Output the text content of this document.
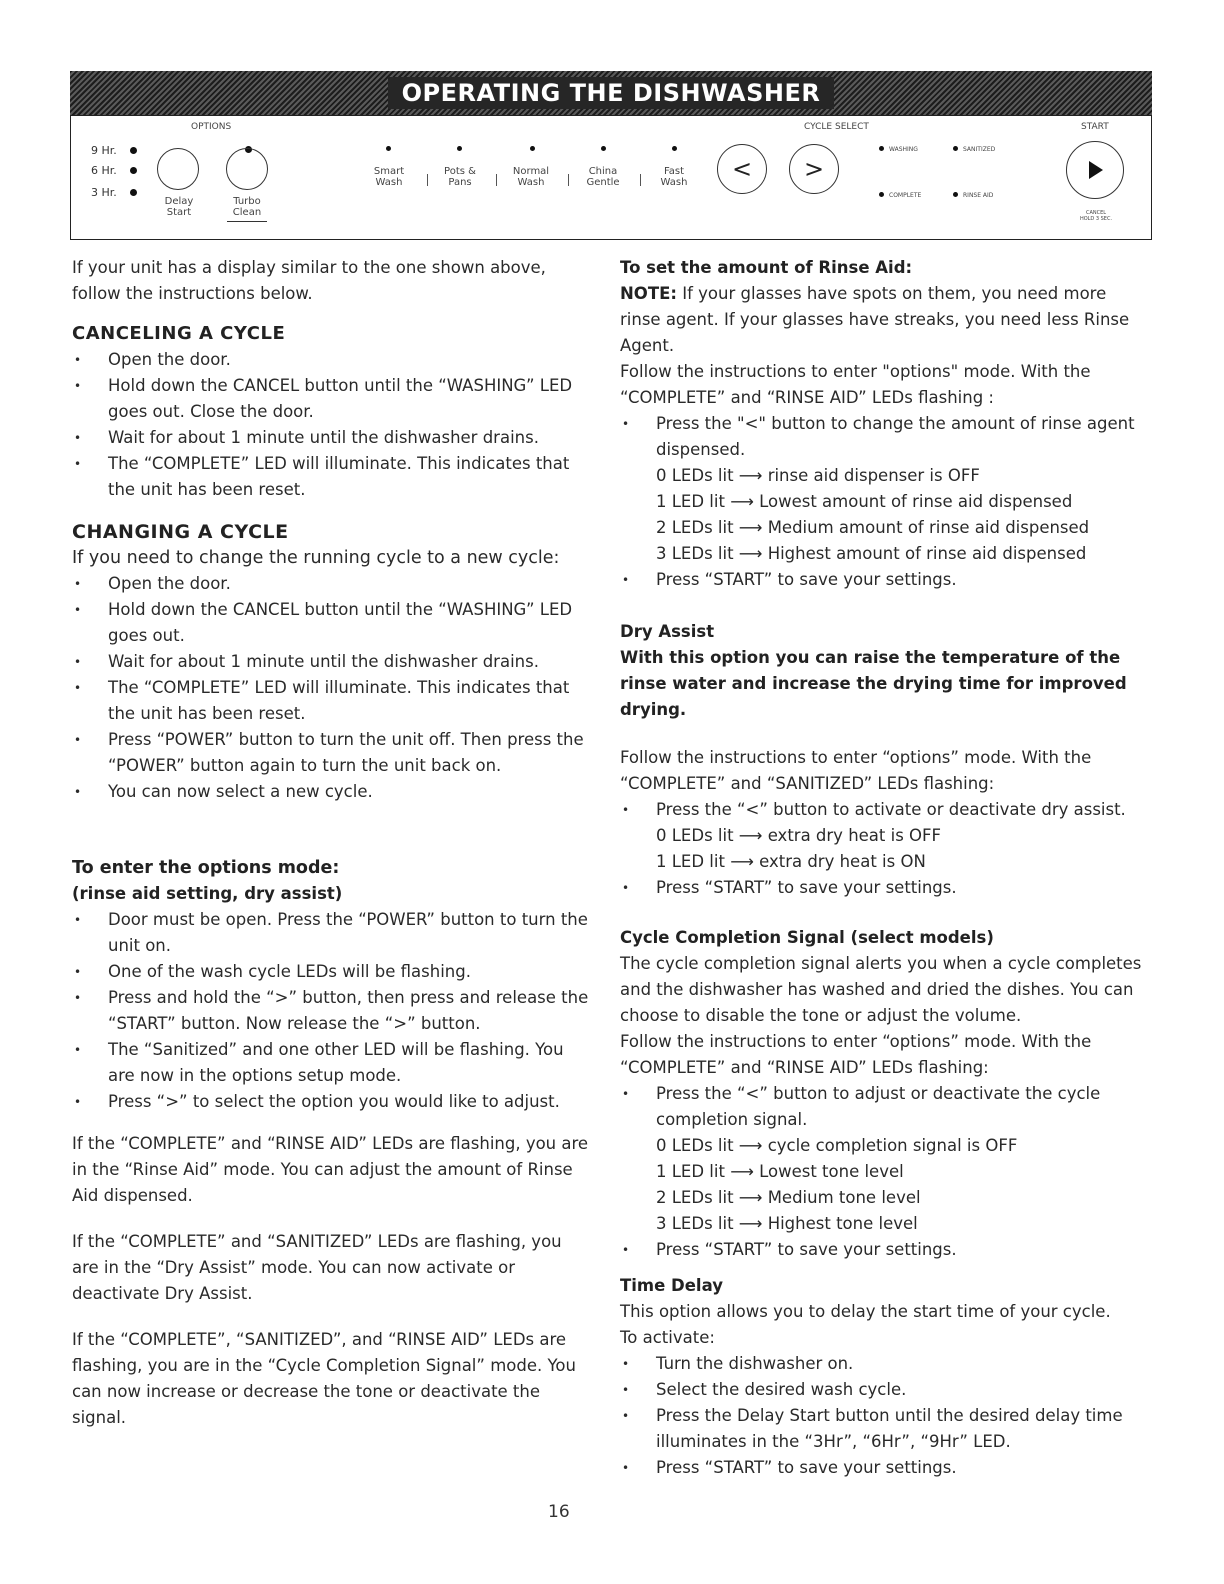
OPERATING THE DISHWASHER
OPTIONS	CYCLE SELECT	START
9 Hr.
6 Hr.
3 Hr.
Delay Start
Turbo Clean
Smart
Wash
Pots &
Pans
Normal
Wash
China
Gentle
Fast
Wash	< >
WASHING	SANITIZED
COMPLETE	RINSE AID
CANCEL
HOLD 3 SEC.

If your unit has a display similar to the one shown above, follow the instructions below.

CANCELING A CYCLE
• Open the door.
• Hold down the CANCEL button until the “WASHING” LED goes out. Close the door.
• Wait for about 1 minute until the dishwasher drains.
• The “COMPLETE” LED will illuminate. This indicates that the unit has been reset.
CHANGING A CYCLE

If you need to change the running cycle to a new cycle:

• Open the door.
• Hold down the CANCEL button until the “WASHING” LED goes out.
• Wait for about 1 minute until the dishwasher drains.
• The “COMPLETE” LED will illuminate. This indicates that the unit has been reset.
• Press “POWER” button to turn the unit off. Then press the “POWER” button again to turn the unit back on.
• You can now select a new cycle.
To enter the options mode:
(rinse aid setting, dry assist)
• Door must be open. Press the “POWER” button to turn the unit on.
• One of the wash cycle LEDs will be flashing.
• Press and hold the “>” button, then press and release the “START” button. Now release the “>” button.
• The “Sanitized” and one other LED will be flashing. You are now in the options setup mode.
• Press “>” to select the option you would like to adjust.

If the “COMPLETE” and “RINSE AID” LEDs are flashing, you are in the “Rinse Aid” mode. You can adjust the amount of Rinse Aid dispensed.

If the “COMPLETE” and “SANITIZED” LEDs are flashing, you are in the “Dry Assist” mode. You can now activate or deactivate Dry Assist.

If the “COMPLETE”, “SANITIZED”, and “RINSE AID” LEDs are flashing, you are in the “Cycle Completion Signal” mode. You can now increase or decrease the tone or deactivate the signal.

To set the amount of Rinse Aid:

NOTE: If your glasses have spots on them, you need more rinse agent. If your glasses have streaks, you need less Rinse Agent.

Follow the instructions to enter "options" mode. With the “COMPLETE” and “RINSE AID” LEDs flashing :

• Press the "<" button to change the amount of rinse agent dispensed.
0 LEDs lit ⟶ rinse aid dispenser is OFF
1 LED lit ⟶ Lowest amount of rinse aid dispensed
2 LEDs lit ⟶ Medium amount of rinse aid dispensed
3 LEDs lit ⟶ Highest amount of rinse aid dispensed
• Press “START” to save your settings.
Dry Assist

With this option you can raise the temperature of the rinse water and increase the drying time for improved drying.

Follow the instructions to enter “options” mode. With the “COMPLETE” and “SANITIZED” LEDs flashing:

• Press the “<” button to activate or deactivate dry assist.
0 LEDs lit ⟶ extra dry heat is OFF
1 LED lit ⟶ extra dry heat is ON
• Press “START” to save your settings.
Cycle Completion Signal (select models)

The cycle completion signal alerts you when a cycle completes and the dishwasher has washed and dried the dishes. You can choose to disable the tone or adjust the volume.

Follow the instructions to enter “options” mode. With the “COMPLETE” and “RINSE AID” LEDs flashing:

• Press the “<” button to adjust or deactivate the cycle completion signal.
0 LEDs lit ⟶ cycle completion signal is OFF
1 LED lit ⟶ Lowest tone level
2 LEDs lit ⟶ Medium tone level
3 LEDs lit ⟶ Highest tone level
• Press “START” to save your settings.
Time Delay

This option allows you to delay the start time of your cycle.

To activate:

• Turn the dishwasher on.
• Select the desired wash cycle.
• Press the Delay Start button until the desired delay time illuminates in the “3Hr”, “6Hr”, “9Hr” LED.
• Press “START” to save your settings.
16
